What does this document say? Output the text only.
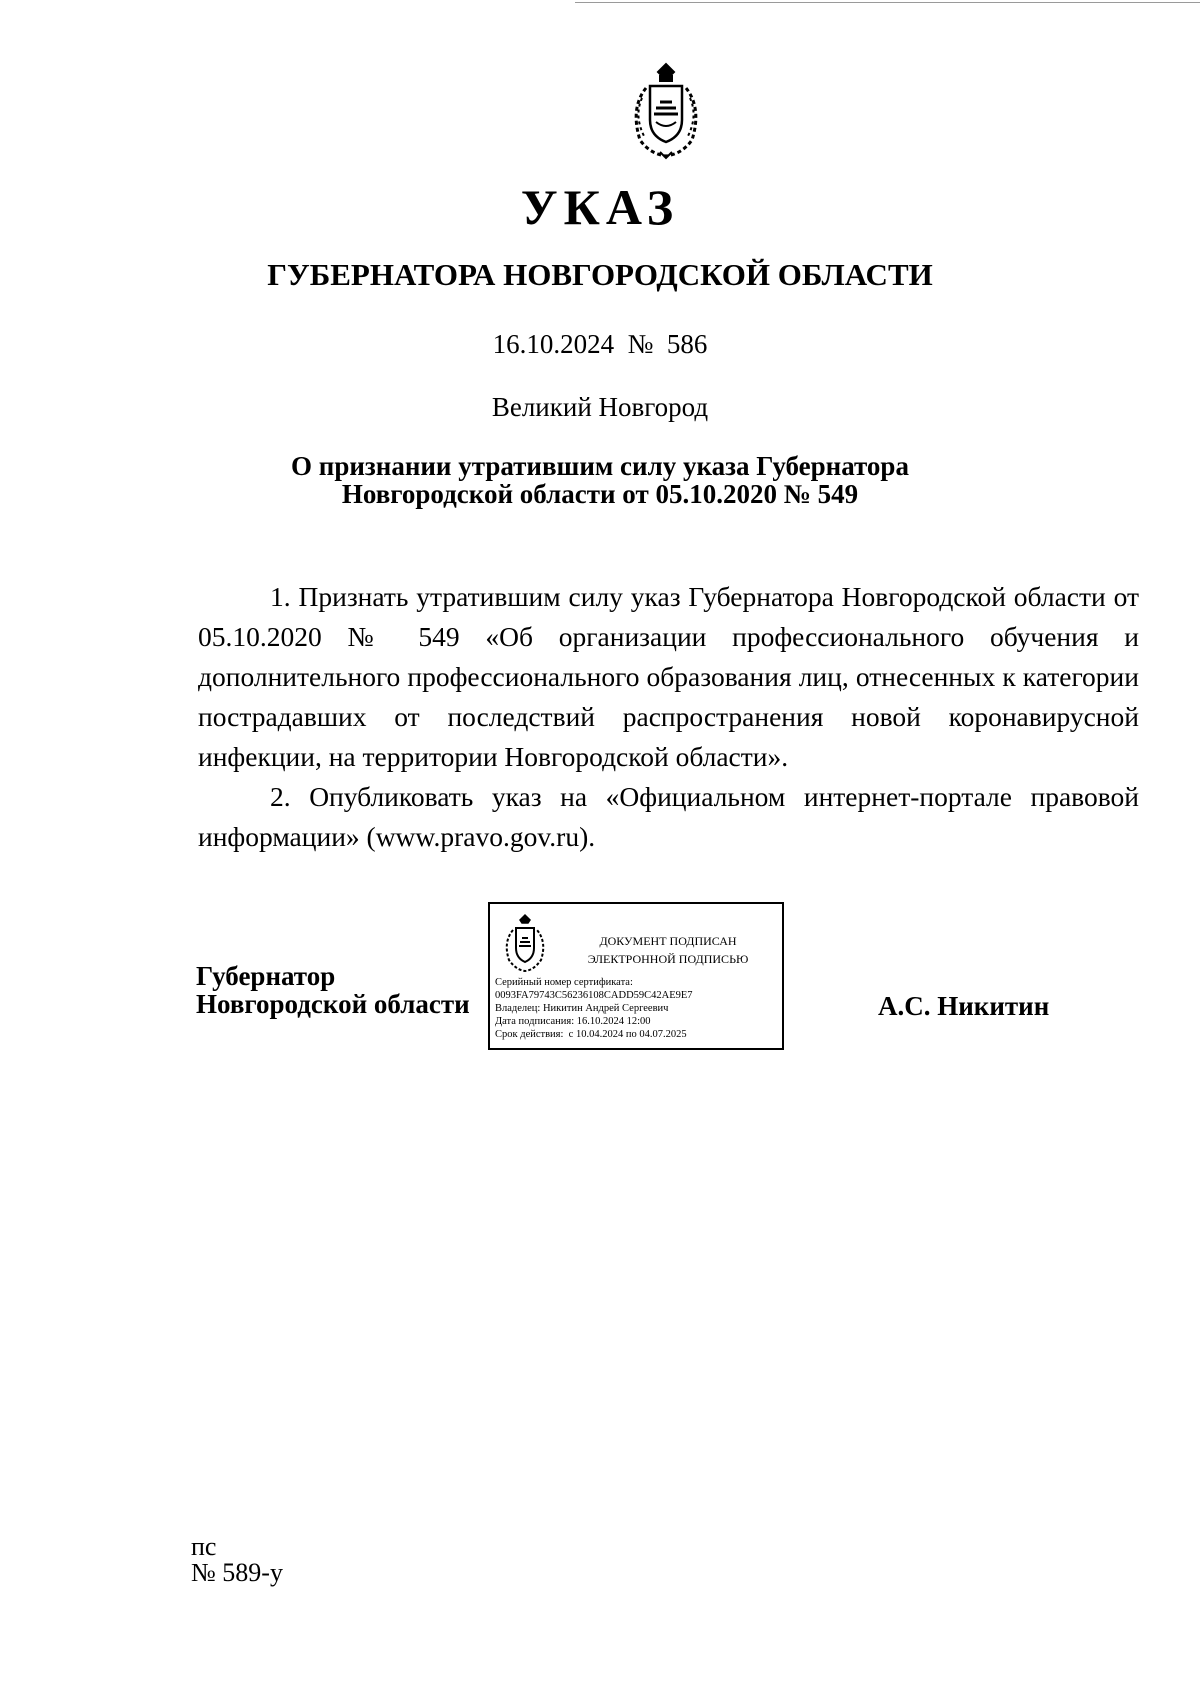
УКАЗ
ГУБЕРНАТОРА НОВГОРОДСКОЙ ОБЛАСТИ
16.10.2024  №  586
Великий Новгород
О признании утратившим силу указа Губернатора
Новгородской области от 05.10.2020 № 549

1. Признать утратившим силу указ Губернатора Новгородской области от 05.10.2020 № 549 «Об организации профессионального обучения и дополнительного профессионального образования лиц, отнесенных к категории пострадавших от последствий распространения новой коронавирусной инфекции, на территории Новгородской области».

2. Опубликовать указ на «Официальном интернет-портале правовой информации» (www.pravo.gov.ru).

Губернатор
Новгородской области
ДОКУМЕНТ ПОДПИСАН
ЭЛЕКТРОННОЙ ПОДПИСЬЮ
Серийный номер сертификата:
0093FA79743C56236108CADD59C42AE9E7
Владелец: Никитин Андрей Сергеевич
Дата подписания: 16.10.2024 12:00
Срок действия:  с 10.04.2024 по 04.07.2025
А.С. Никитин
пс
№ 589-у
